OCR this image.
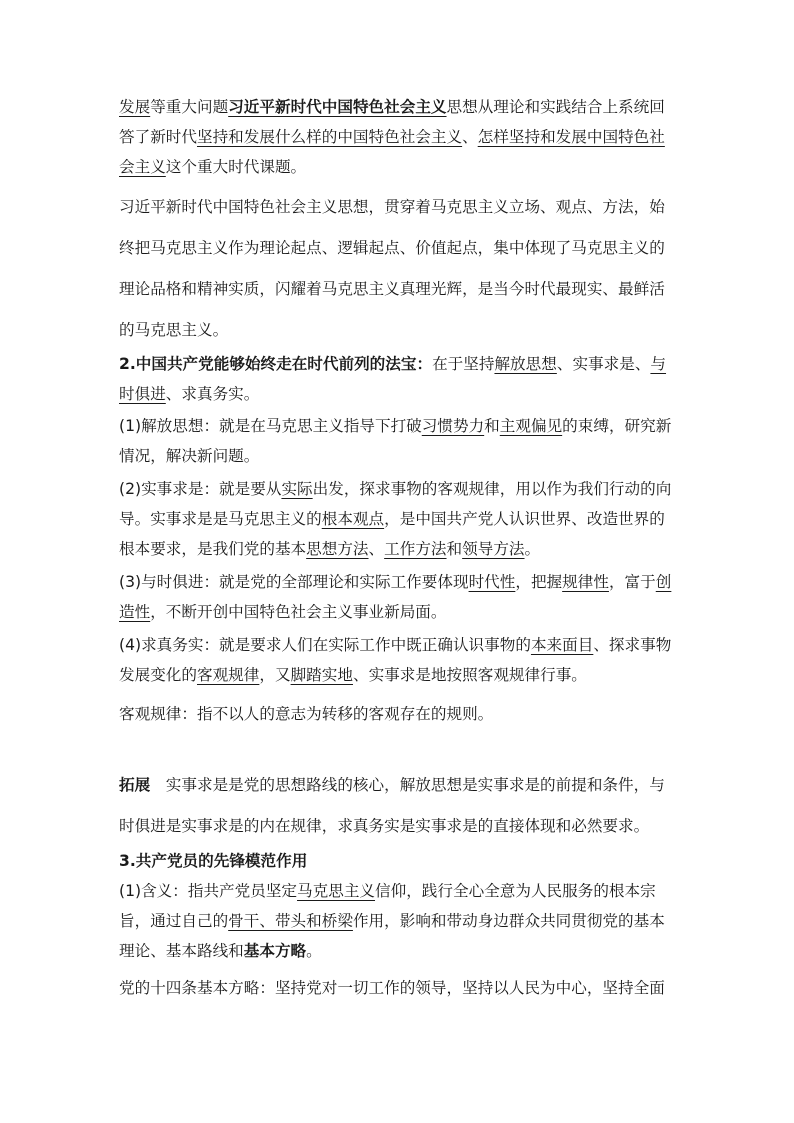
发展等重大问题习近平新时代中国特色社会主义思想从理论和实践结合上系统回答了新时代坚持和发展什么样的中国特色社会主义、怎样坚持和发展中国特色社会主义这个重大时代课题。

习近平新时代中国特色社会主义思想，贯穿着马克思主义立场、观点、方法，始终把马克思主义作为理论起点、逻辑起点、价值起点，集中体现了马克思主义的理论品格和精神实质，闪耀着马克思主义真理光辉，是当今时代最现实、最鲜活的马克思主义。

2.中国共产党能够始终走在时代前列的法宝：在于坚持解放思想、实事求是、与时俱进、求真务实。

(1)解放思想：就是在马克思主义指导下打破习惯势力和主观偏见的束缚，研究新情况，解决新问题。

(2)实事求是：就是要从实际出发，探求事物的客观规律，用以作为我们行动的向导。实事求是是马克思主义的根本观点，是中国共产党人认识世界、改造世界的根本要求，是我们党的基本思想方法、工作方法和领导方法。

(3)与时俱进：就是党的全部理论和实际工作要体现时代性，把握规律性，富于创造性，不断开创中国特色社会主义事业新局面。

(4)求真务实：就是要求人们在实际工作中既正确认识事物的本来面目、探求事物发展变化的客观规律，又脚踏实地、实事求是地按照客观规律行事。

客观规律：指不以人的意志为转移的客观存在的规则。

拓展　实事求是是党的思想路线的核心，解放思想是实事求是的前提和条件，与时俱进是实事求是的内在规律，求真务实是实事求是的直接体现和必然要求。

3.共产党员的先锋模范作用

(1)含义：指共产党员坚定马克思主义信仰，践行全心全意为人民服务的根本宗旨，通过自己的骨干、带头和桥梁作用，影响和带动身边群众共同贯彻党的基本理论、基本路线和基本方略。

党的十四条基本方略：坚持党对一切工作的领导，坚持以人民为中心，坚持全面
